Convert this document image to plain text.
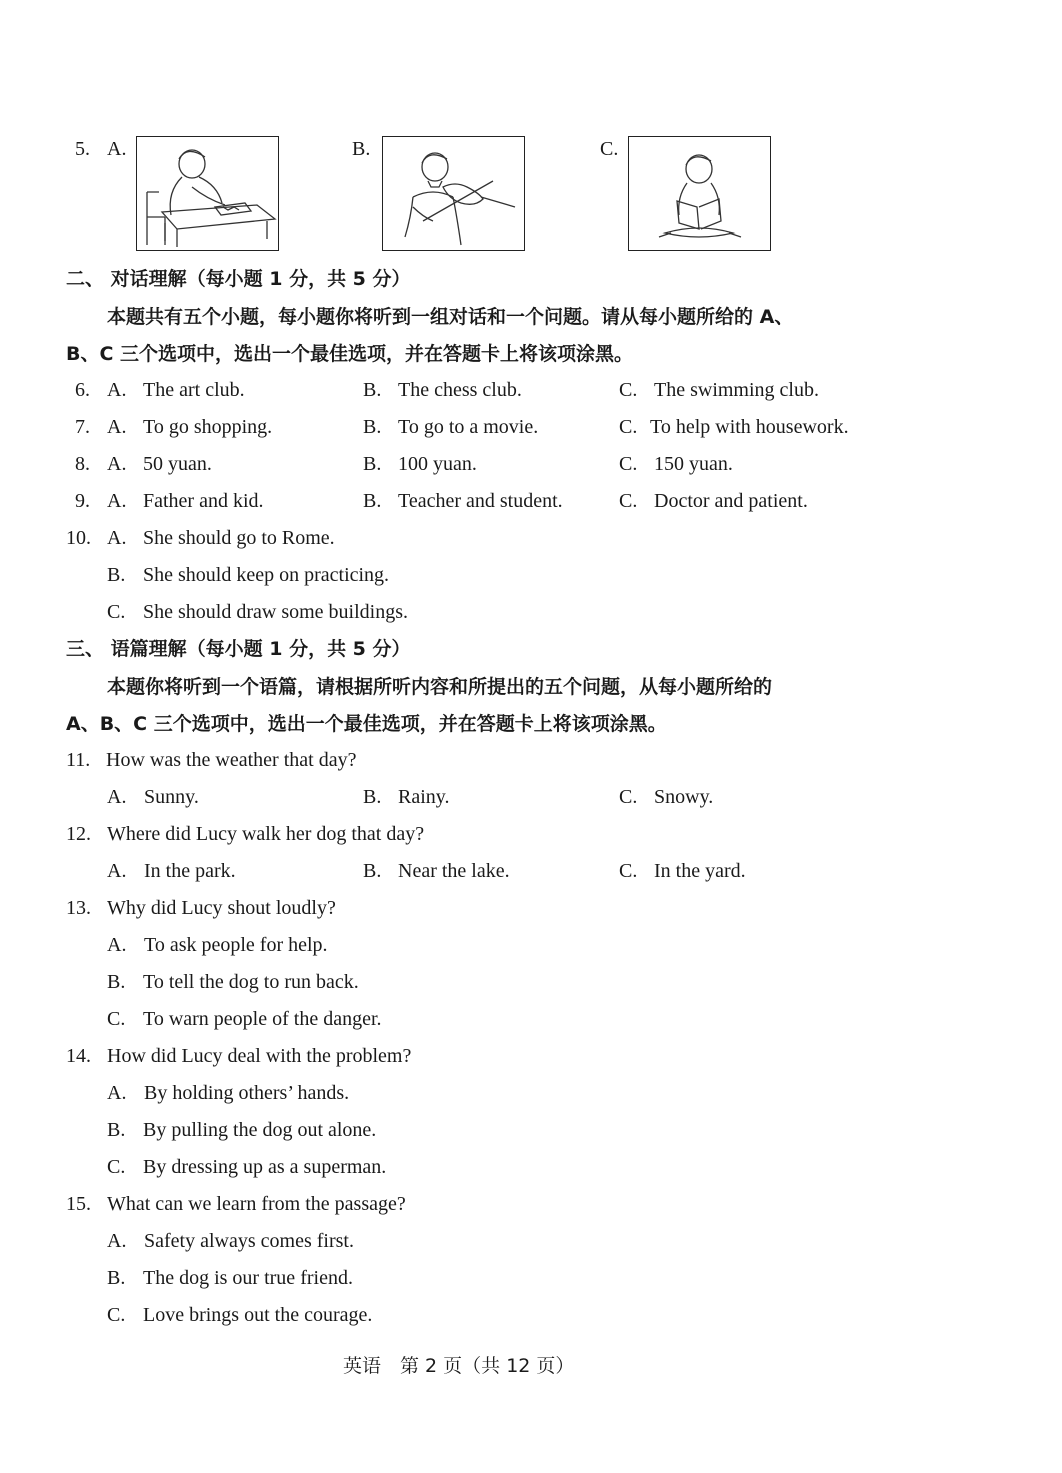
5. A.	B.	C.
二、 对话理解（每小题 1 分，共 5 分）
本题共有五个小题，每小题你将听到一组对话和一个问题。请从每小题所给的 A、
B、C 三个选项中，选出一个最佳选项，并在答题卡上将该项涂黑。
6. A. The art club.	B. The chess club.	C. The swimming club.
7. A. To go shopping.	B. To go to a movie.	C. To help with housework.
8. A. 50 yuan.	B. 100 yuan.	C. 150 yuan.
9. A. Father and kid.	B. Teacher and student.	C. Doctor and patient.
10. A. She should go to Rome.
B. She should keep on practicing.
C. She should draw some buildings.
三、 语篇理解（每小题 1 分，共 5 分）
本题你将听到一个语篇，请根据所听内容和所提出的五个问题，从每小题所给的
A、B、C 三个选项中，选出一个最佳选项，并在答题卡上将该项涂黑。
11. How was the weather that day?
A. Sunny.	B. Rainy.	C. Snowy.
12. Where did Lucy walk her dog that day?
A. In the park.	B. Near the lake.	C. In the yard.
13. Why did Lucy shout loudly?
A. To ask people for help.
B. To tell the dog to run back.
C. To warn people of the danger.
14. How did Lucy deal with the problem?
A. By holding others’ hands.
B. By pulling the dog out alone.
C. By dressing up as a superman.
15. What can we learn from the passage?
A. Safety always comes first.
B. The dog is our true friend.
C. Love brings out the courage.
英语　第 2 页（共 12 页）
